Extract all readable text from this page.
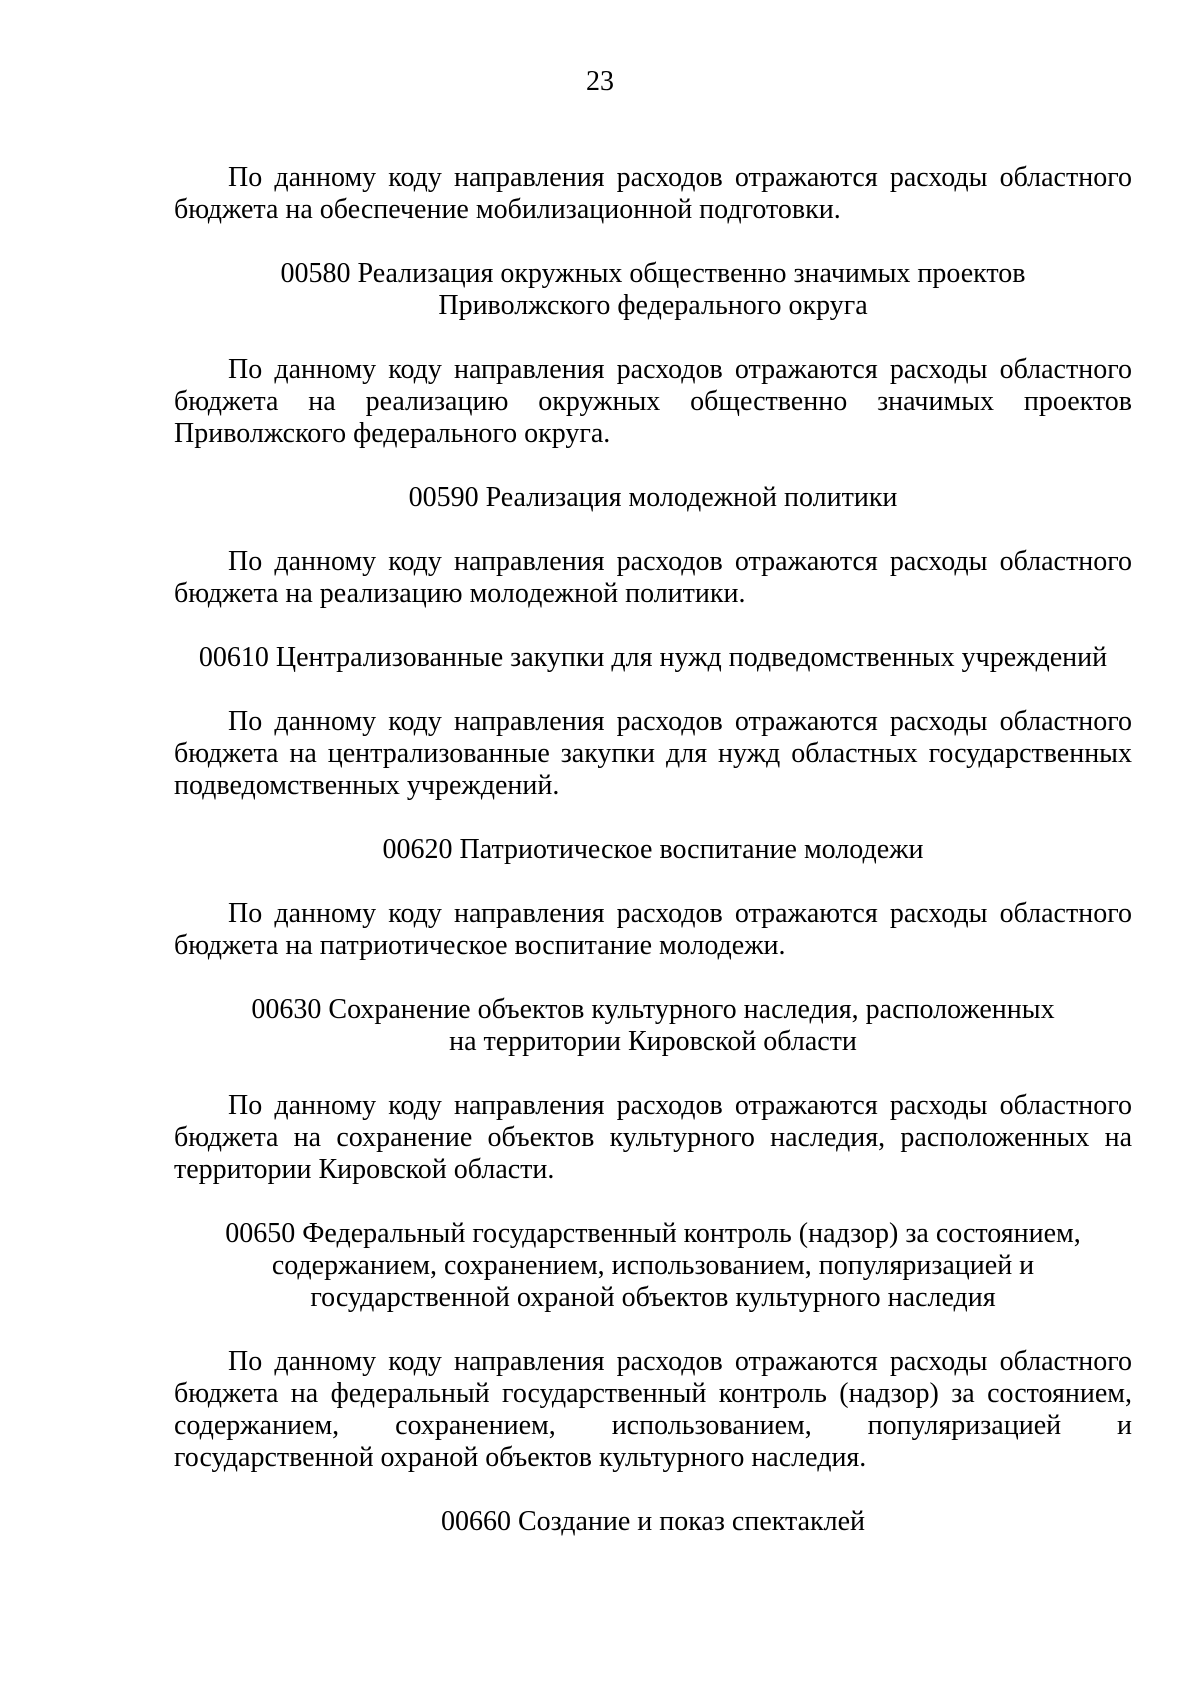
23

По данному коду направления расходов отражаются расходы областного бюджета на обеспечение мобилизационной подготовки.

00580 Реализация окружных общественно значимых проектов
Приволжского федерального округа

По данному коду направления расходов отражаются расходы областного бюджета на реализацию окружных общественно значимых проектов Приволжского федерального округа.

00590 Реализация молодежной политики

По данному коду направления расходов отражаются расходы областного бюджета на реализацию молодежной политики.

00610 Централизованные закупки для нужд подведомственных учреждений

По данному коду направления расходов отражаются расходы областного бюджета на централизованные закупки для нужд областных государственных подведомственных учреждений.

00620 Патриотическое воспитание молодежи

По данному коду направления расходов отражаются расходы областного бюджета на патриотическое воспитание молодежи.

00630 Сохранение объектов культурного наследия, расположенных
на территории Кировской области

По данному коду направления расходов отражаются расходы областного бюджета на сохранение объектов культурного наследия, расположенных на территории Кировской области.

00650 Федеральный государственный контроль (надзор) за состоянием,
содержанием, сохранением, использованием, популяризацией и
государственной охраной объектов культурного наследия

По данному коду направления расходов отражаются расходы областного бюджета на федеральный государственный контроль (надзор) за состоянием, содержанием, сохранением, использованием, популяризацией и государственной охраной объектов культурного наследия.

00660 Создание и показ спектаклей
